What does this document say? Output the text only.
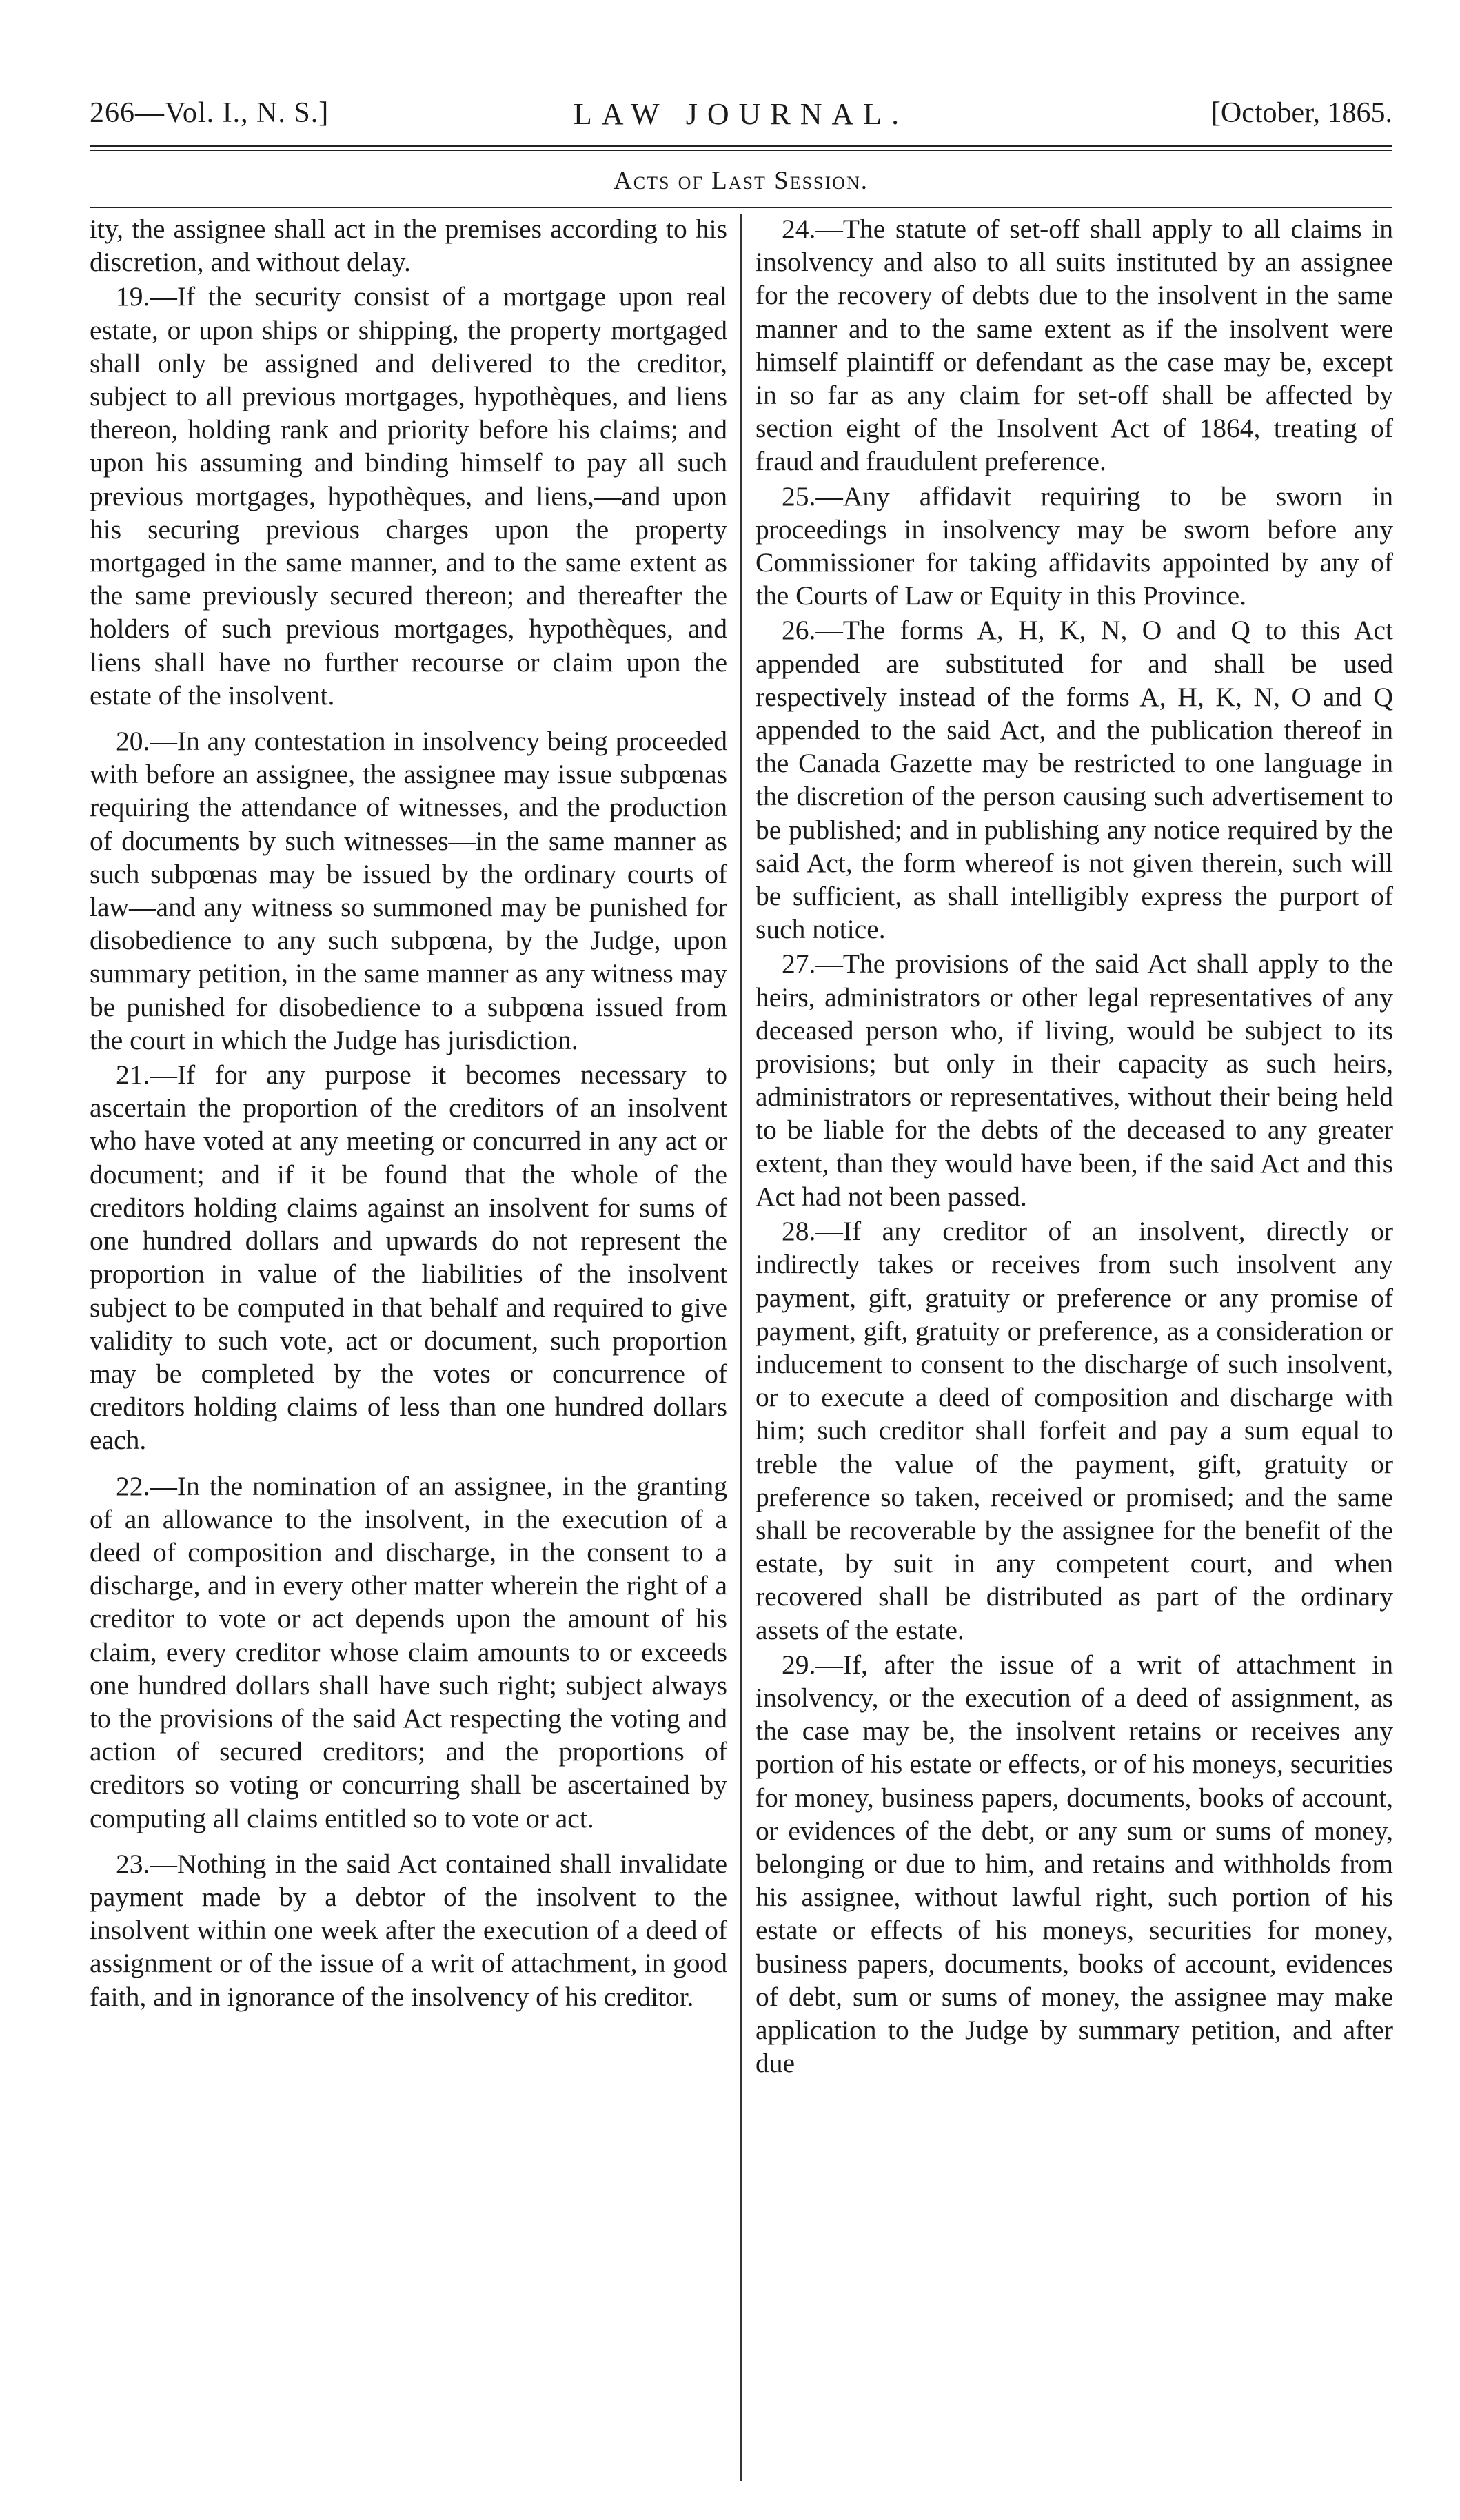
266—Vol. I., N. S.]	LAW JOURNAL.	[October, 1865.
Acts of Last Session.

ity, the assignee shall act in the premises according to his discretion, and without delay.

19.—If the security consist of a mortgage upon real estate, or upon ships or shipping, the property mortgaged shall only be assigned and delivered to the creditor, subject to all previous mortgages, hypothèques, and liens thereon, holding rank and priority before his claims; and upon his assuming and binding himself to pay all such previous mortgages, hypothèques, and liens,—and upon his securing previous charges upon the property mortgaged in the same manner, and to the same extent as the same previously secured thereon; and thereafter the holders of such previous mortgages, hypothèques, and liens shall have no further recourse or claim upon the estate of the insolvent.

20.—In any contestation in insolvency being proceeded with before an assignee, the assignee may issue subpœnas requiring the attendance of witnesses, and the production of documents by such witnesses—in the same manner as such subpœnas may be issued by the ordinary courts of law—and any witness so summoned may be punished for disobedience to any such subpœna, by the Judge, upon summary petition, in the same manner as any witness may be punished for disobedience to a subpœna issued from the court in which the Judge has jurisdiction.

21.—If for any purpose it becomes necessary to ascertain the proportion of the creditors of an insolvent who have voted at any meeting or concurred in any act or document; and if it be found that the whole of the creditors holding claims against an insolvent for sums of one hundred dollars and upwards do not represent the proportion in value of the liabilities of the insolvent subject to be computed in that behalf and required to give validity to such vote, act or document, such proportion may be completed by the votes or concurrence of creditors holding claims of less than one hundred dollars each.

22.—In the nomination of an assignee, in the granting of an allowance to the insolvent, in the execution of a deed of composition and discharge, in the consent to a discharge, and in every other matter wherein the right of a creditor to vote or act depends upon the amount of his claim, every creditor whose claim amounts to or exceeds one hundred dollars shall have such right; subject always to the provisions of the said Act respecting the voting and action of secured creditors; and the proportions of creditors so voting or concurring shall be ascertained by computing all claims entitled so to vote or act.

23.—Nothing in the said Act contained shall invalidate payment made by a debtor of the insolvent to the insolvent within one week after the execution of a deed of assignment or of the issue of a writ of attachment, in good faith, and in ignorance of the insolvency of his creditor.

24.—The statute of set-off shall apply to all claims in insolvency and also to all suits instituted by an assignee for the recovery of debts due to the insolvent in the same manner and to the same extent as if the insolvent were himself plaintiff or defendant as the case may be, except in so far as any claim for set-off shall be affected by section eight of the Insolvent Act of 1864, treating of fraud and fraudulent preference.

25.—Any affidavit requiring to be sworn in proceedings in insolvency may be sworn before any Commissioner for taking affidavits appointed by any of the Courts of Law or Equity in this Province.

26.—The forms A, H, K, N, O and Q to this Act appended are substituted for and shall be used respectively instead of the forms A, H, K, N, O and Q appended to the said Act, and the publication thereof in the Canada Gazette may be restricted to one language in the discretion of the person causing such advertisement to be published; and in publishing any notice required by the said Act, the form whereof is not given therein, such will be sufficient, as shall intelligibly express the purport of such notice.

27.—The provisions of the said Act shall apply to the heirs, administrators or other legal representatives of any deceased person who, if living, would be subject to its provisions; but only in their capacity as such heirs, administrators or representatives, without their being held to be liable for the debts of the deceased to any greater extent, than they would have been, if the said Act and this Act had not been passed.

28.—If any creditor of an insolvent, directly or indirectly takes or receives from such insolvent any payment, gift, gratuity or preference or any promise of payment, gift, gratuity or preference, as a consideration or inducement to consent to the discharge of such insolvent, or to execute a deed of composition and discharge with him; such creditor shall forfeit and pay a sum equal to treble the value of the payment, gift, gratuity or preference so taken, received or promised; and the same shall be recoverable by the assignee for the benefit of the estate, by suit in any competent court, and when recovered shall be distributed as part of the ordinary assets of the estate.

29.—If, after the issue of a writ of attachment in insolvency, or the execution of a deed of assignment, as the case may be, the insolvent retains or receives any portion of his estate or effects, or of his moneys, securities for money, business papers, documents, books of account, or evidences of the debt, or any sum or sums of money, belonging or due to him, and retains and withholds from his assignee, without lawful right, such portion of his estate or effects of his moneys, securities for money, business papers, documents, books of account, evidences of debt, sum or sums of money, the assignee may make application to the Judge by summary petition, and after due
